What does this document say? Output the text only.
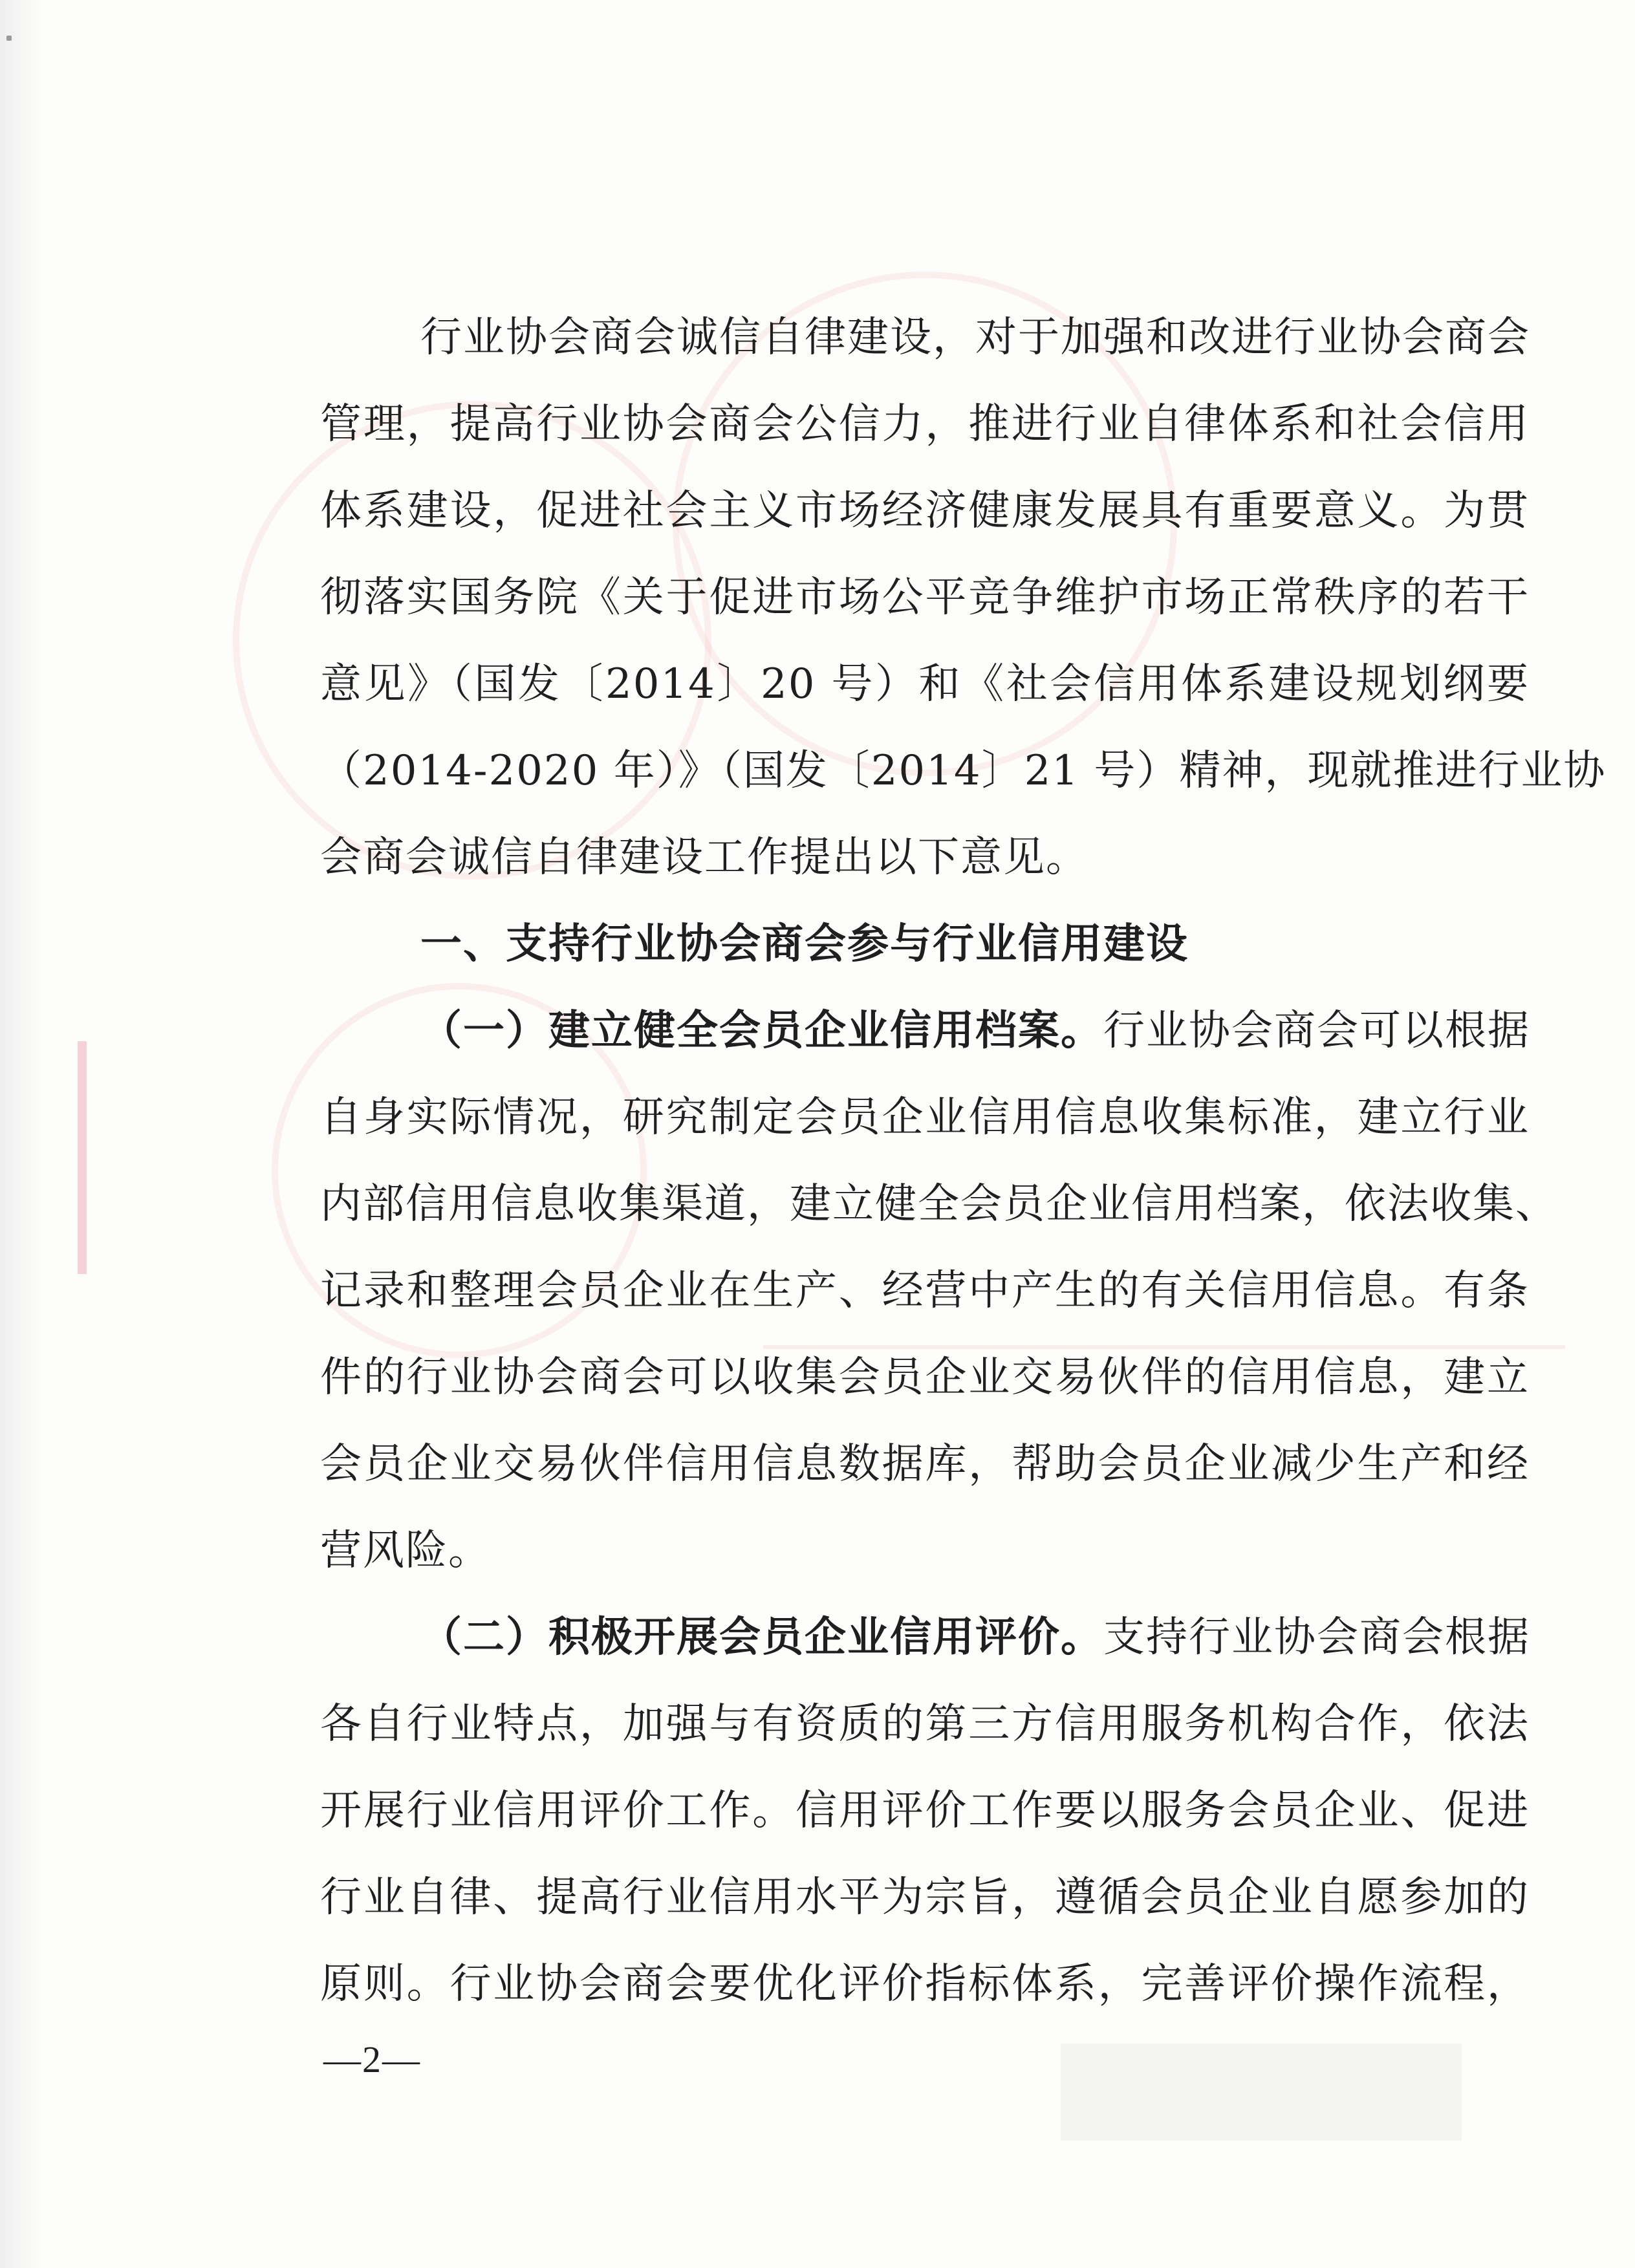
行业协会商会诚信自律建设，对于加强和改进行业协会商会
管理，提高行业协会商会公信力，推进行业自律体系和社会信用
体系建设，促进社会主义市场经济健康发展具有重要意义。为贯
彻落实国务院《关于促进市场公平竞争维护市场正常秩序的若干
意见》（国发〔2014〕20 号）和《社会信用体系建设规划纲要
（2014-2020 年）》（国发〔2014〕21 号）精神，现就推进行业协
会商会诚信自律建设工作提出以下意见。
一、支持行业协会商会参与行业信用建设
（一）建立健全会员企业信用档案。行业协会商会可以根据
自身实际情况，研究制定会员企业信用信息收集标准，建立行业
内部信用信息收集渠道，建立健全会员企业信用档案，依法收集、
记录和整理会员企业在生产、经营中产生的有关信用信息。有条
件的行业协会商会可以收集会员企业交易伙伴的信用信息，建立
会员企业交易伙伴信用信息数据库，帮助会员企业减少生产和经
营风险。
（二）积极开展会员企业信用评价。支持行业协会商会根据
各自行业特点，加强与有资质的第三方信用服务机构合作，依法
开展行业信用评价工作。信用评价工作要以服务会员企业、促进
行业自律、提高行业信用水平为宗旨，遵循会员企业自愿参加的
原则。行业协会商会要优化评价指标体系，完善评价操作流程，
—2—
